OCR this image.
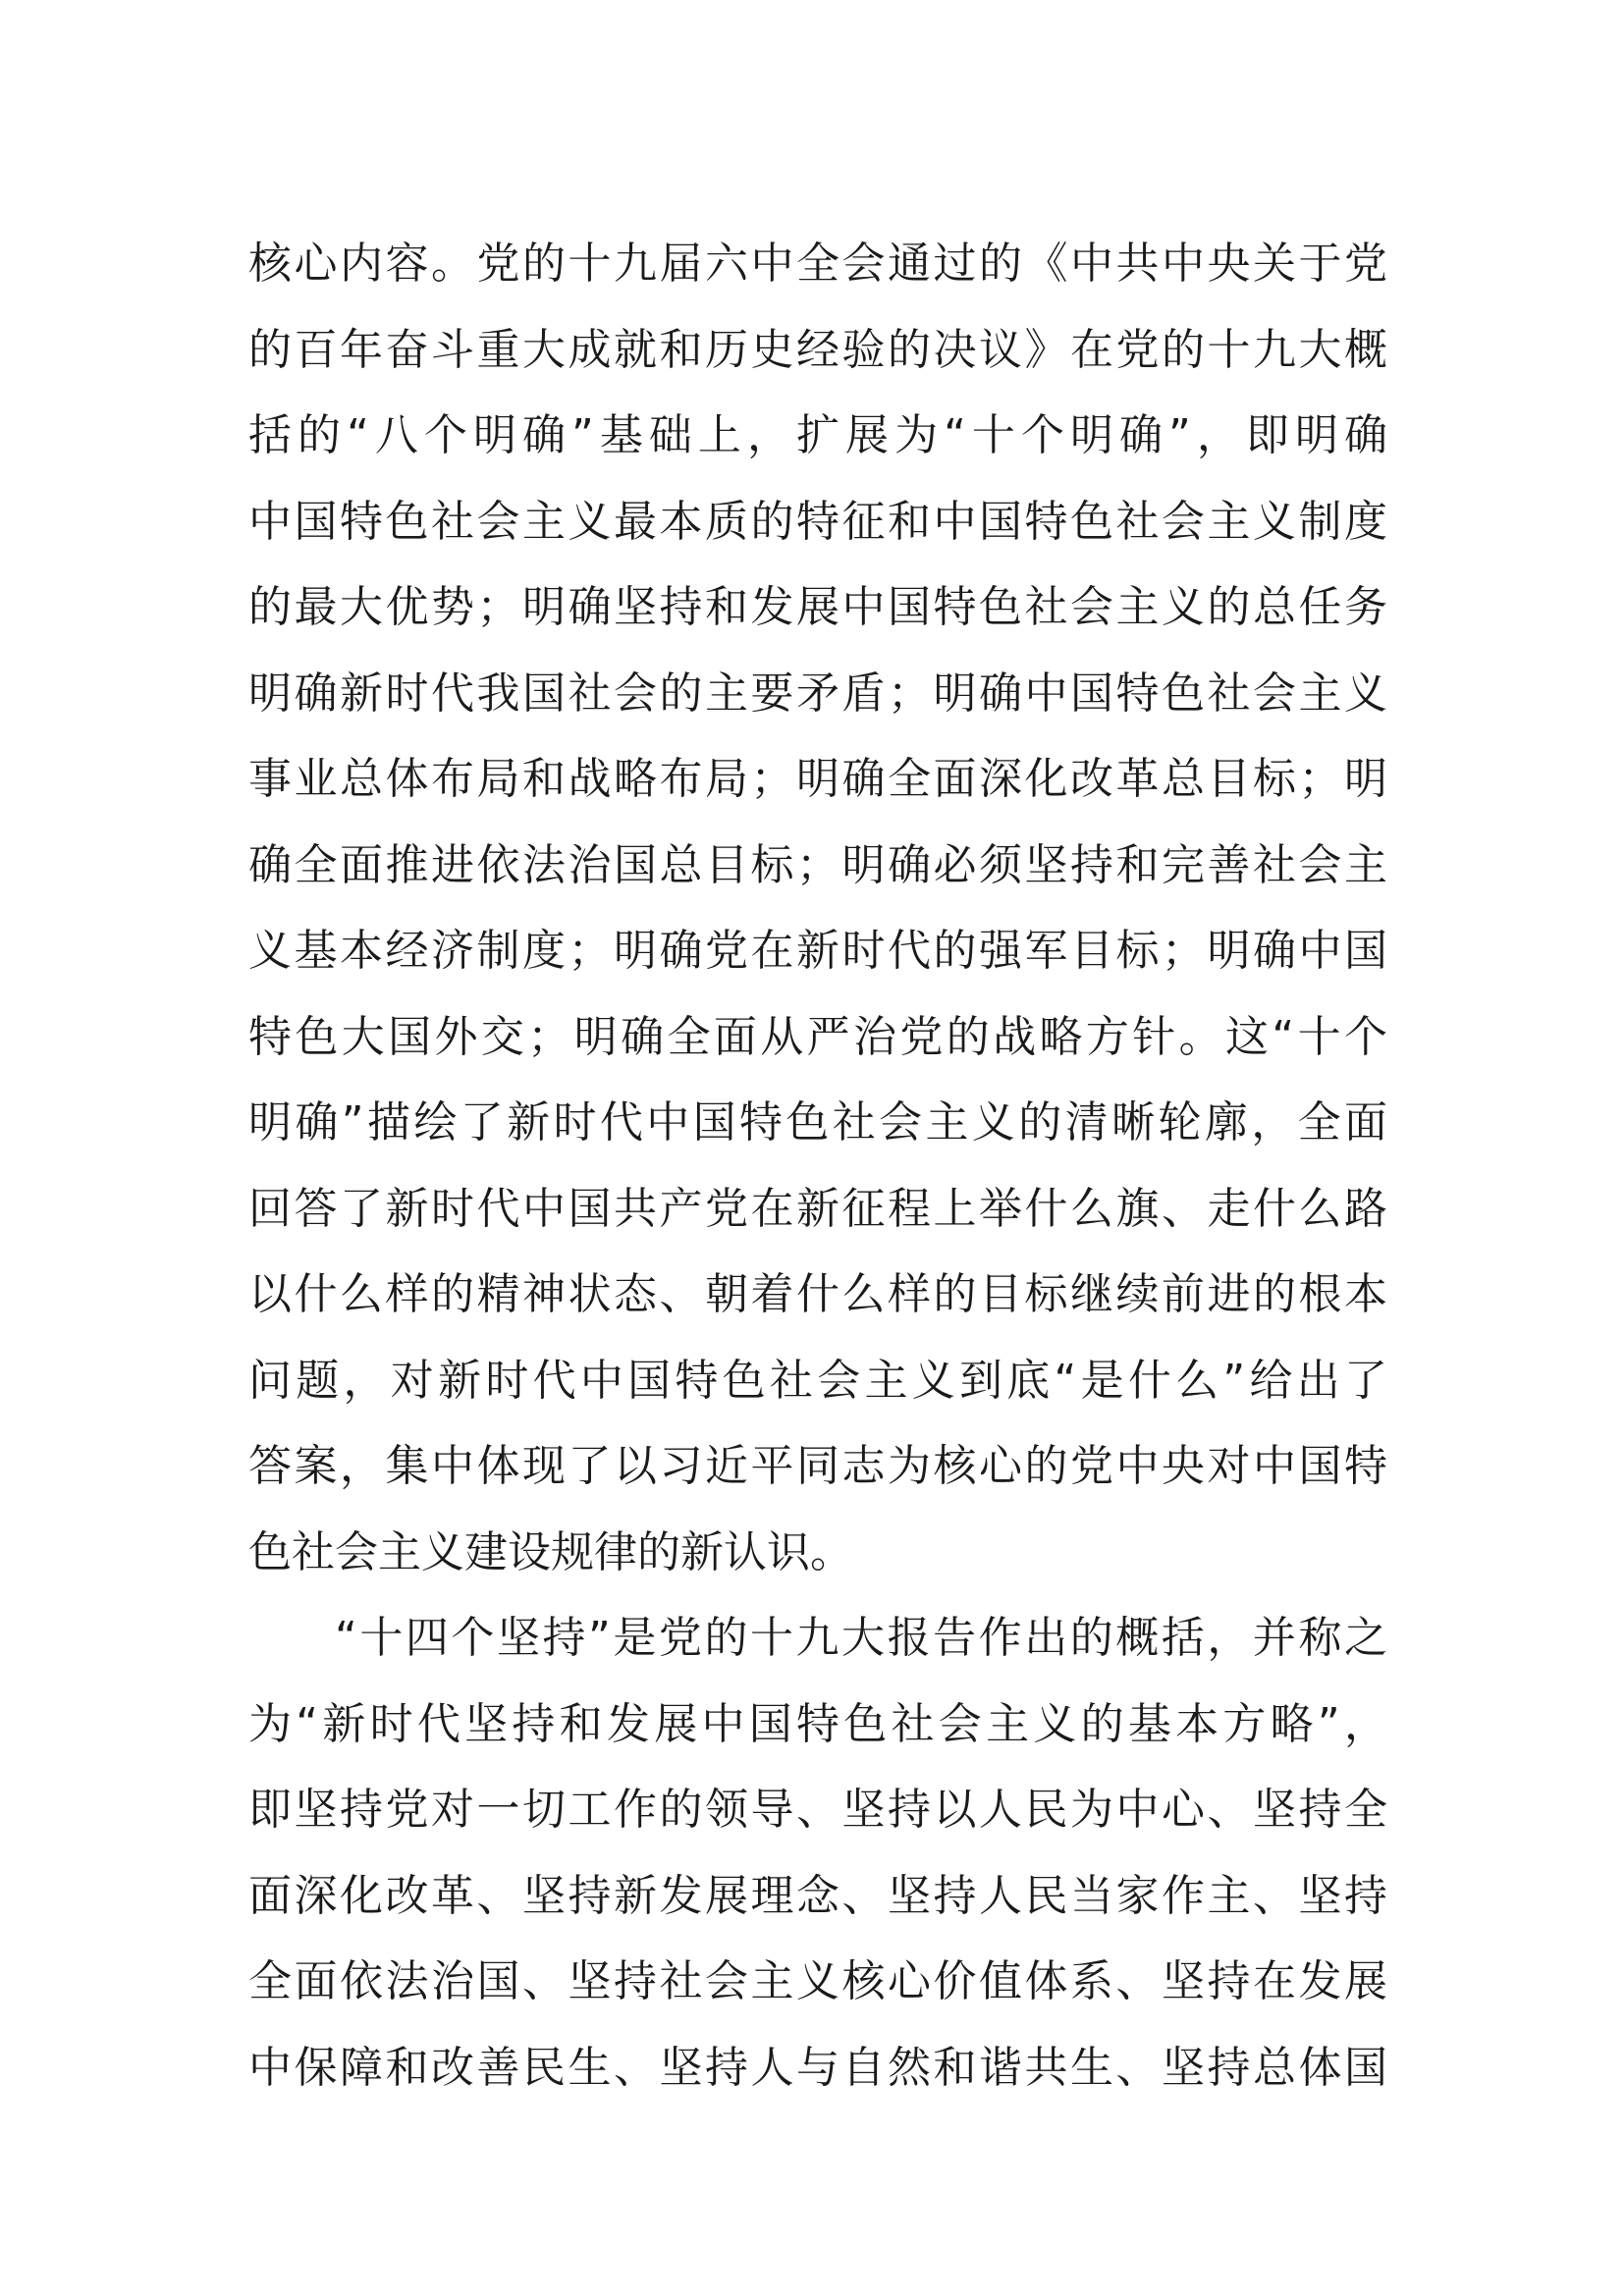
核心内容。党的十九届六中全会通过的《中共中央关于党
的百年奋斗重大成就和历史经验的决议》在党的十九大概
括的“八个明确”基础上，扩展为“十个明确”，即明确
中国特色社会主义最本质的特征和中国特色社会主义制度
的最大优势；明确坚持和发展中国特色社会主义的总任务
明确新时代我国社会的主要矛盾；明确中国特色社会主义
事业总体布局和战略布局；明确全面深化改革总目标；明
确全面推进依法治国总目标；明确必须坚持和完善社会主
义基本经济制度；明确党在新时代的强军目标；明确中国
特色大国外交；明确全面从严治党的战略方针。这“十个
明确”描绘了新时代中国特色社会主义的清晰轮廓，全面
回答了新时代中国共产党在新征程上举什么旗、走什么路
以什么样的精神状态、朝着什么样的目标继续前进的根本
问题，对新时代中国特色社会主义到底“是什么”给出了
答案，集中体现了以习近平同志为核心的党中央对中国特
色社会主义建设规律的新认识。
“十四个坚持”是党的十九大报告作出的概括，并称之
为“新时代坚持和发展中国特色社会主义的基本方略”，
即坚持党对一切工作的领导、坚持以人民为中心、坚持全
面深化改革、坚持新发展理念、坚持人民当家作主、坚持
全面依法治国、坚持社会主义核心价值体系、坚持在发展
中保障和改善民生、坚持人与自然和谐共生、坚持总体国
